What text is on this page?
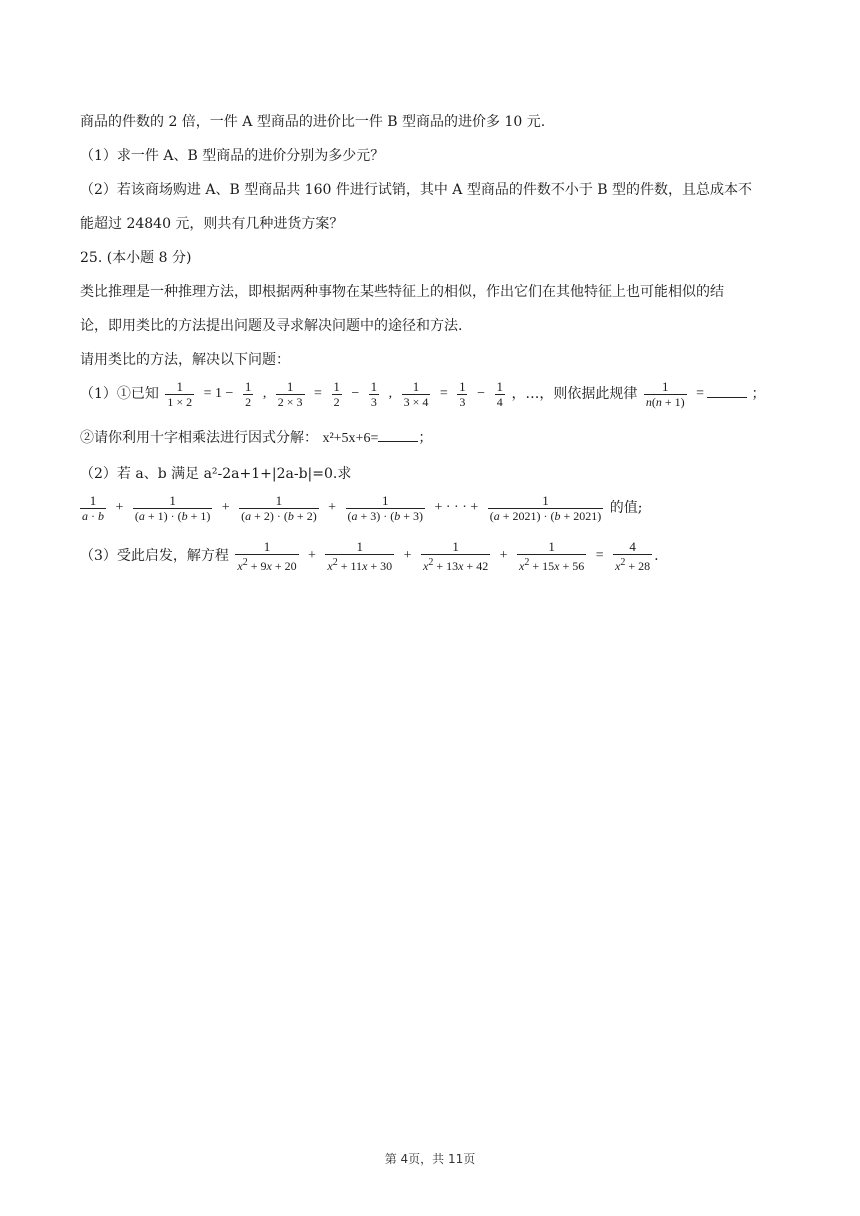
商品的件数的 2 倍，一件 A 型商品的进价比一件 B 型商品的进价多 10 元.
（1）求一件 A、B 型商品的进价分别为多少元？
（2）若该商场购进 A、B 型商品共 160 件进行试销，其中 A 型商品的件数不小于 B 型的件数，且总成本不
能超过 24840 元，则共有几种进货方案？
25. (本小题 8 分)
类比推理是一种推理方法，即根据两种事物在某些特征上的相似，作出它们在其他特征上也可能相似的结
论，即用类比的方法提出问题及寻求解决问题中的途径和方法.
请用类比的方法，解决以下问题：
（1）①已知 $\frac{1}{1 \times 2} = 1 - \frac{1}{2}$ , $\frac{1}{2 \times 3} = \frac{1}{2} - \frac{1}{3}$ , $\frac{1}{3 \times 4} = \frac{1}{3} - \frac{1}{4}$ ，…，则依据此规律 $\frac{1}{n(n + 1)}$ =	；
②请你利用十字相乘法进行因式分解： x²+5x+6=	；
（2）若 a、b 满足 a²-2a+1+|2a-b|=0.求
$\frac{1}{a \cdot b} + \frac{1}{(a + 1) \cdot (b + 1)} + \frac{1}{(a + 2) \cdot (b + 2)} + \frac{1}{(a + 3) \cdot (b + 3)}$ + · · · + $\frac{1}{(a + 2021) \cdot (b + 2021)}$ 的值;
（3）受此启发，解方程 $\frac{1}{x^2 + 9x + 20} + \frac{1}{x^2 + 11x + 30} + \frac{1}{x^2 + 13x + 42} + \frac{1}{x^2 + 15x + 56} = \frac{4}{x^2 + 28}$ .
第 4页，共 11页
